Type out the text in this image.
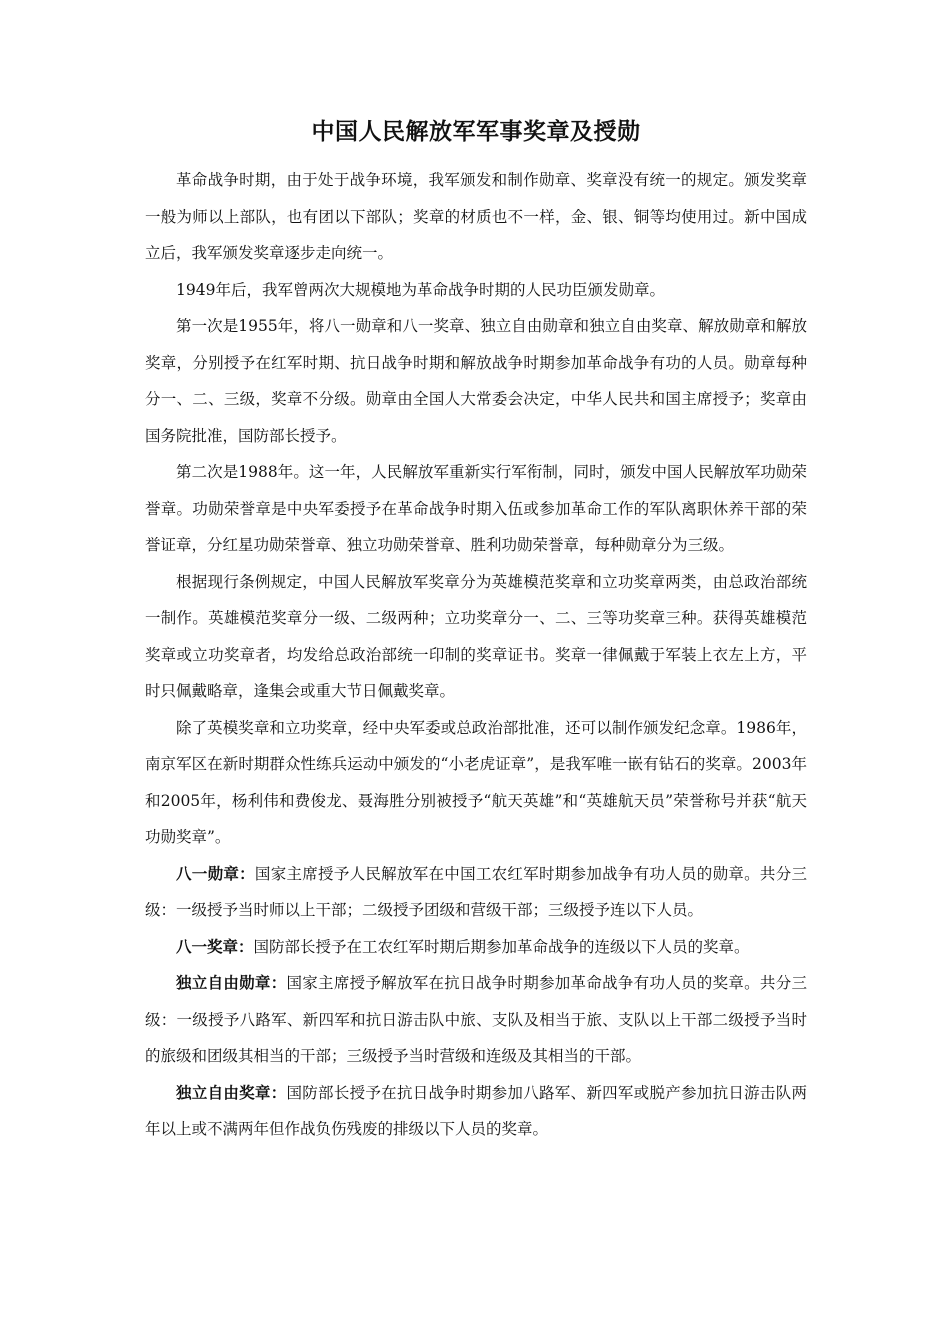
中国人民解放军军事奖章及授勋

革命战争时期，由于处于战争环境，我军颁发和制作勋章、奖章没有统一的规定。颁发奖章一般为师以上部队，也有团以下部队；奖章的材质也不一样，金、银、铜等均使用过。新中国成立后，我军颁发奖章逐步走向统一。

1949年后，我军曾两次大规模地为革命战争时期的人民功臣颁发勋章。

第一次是1955年，将八一勋章和八一奖章、独立自由勋章和独立自由奖章、解放勋章和解放奖章，分别授予在红军时期、抗日战争时期和解放战争时期参加革命战争有功的人员。勋章每种分一、二、三级，奖章不分级。勋章由全国人大常委会决定，中华人民共和国主席授予；奖章由国务院批准，国防部长授予。

第二次是1988年。这一年，人民解放军重新实行军衔制，同时，颁发中国人民解放军功勋荣誉章。功勋荣誉章是中央军委授予在革命战争时期入伍或参加革命工作的军队离职休养干部的荣誉证章，分红星功勋荣誉章、独立功勋荣誉章、胜利功勋荣誉章，每种勋章分为三级。

根据现行条例规定，中国人民解放军奖章分为英雄模范奖章和立功奖章两类，由总政治部统一制作。英雄模范奖章分一级、二级两种；立功奖章分一、二、三等功奖章三种。获得英雄模范奖章或立功奖章者，均发给总政治部统一印制的奖章证书。奖章一律佩戴于军装上衣左上方，平时只佩戴略章，逢集会或重大节日佩戴奖章。

除了英模奖章和立功奖章，经中央军委或总政治部批准，还可以制作颁发纪念章。1986年，南京军区在新时期群众性练兵运动中颁发的“小老虎证章”，是我军唯一嵌有钻石的奖章。2003年和2005年，杨利伟和费俊龙、聂海胜分别被授予“航天英雄”和“英雄航天员”荣誉称号并获“航天功勋奖章”。

八一勋章：国家主席授予人民解放军在中国工农红军时期参加战争有功人员的勋章。共分三级：一级授予当时师以上干部；二级授予团级和营级干部；三级授予连以下人员。

八一奖章：国防部长授予在工农红军时期后期参加革命战争的连级以下人员的奖章。

独立自由勋章：国家主席授予解放军在抗日战争时期参加革命战争有功人员的奖章。共分三级：一级授予八路军、新四军和抗日游击队中旅、支队及相当于旅、支队以上干部二级授予当时的旅级和团级其相当的干部；三级授予当时营级和连级及其相当的干部。

独立自由奖章：国防部长授予在抗日战争时期参加八路军、新四军或脱产参加抗日游击队两年以上或不满两年但作战负伤残废的排级以下人员的奖章。
